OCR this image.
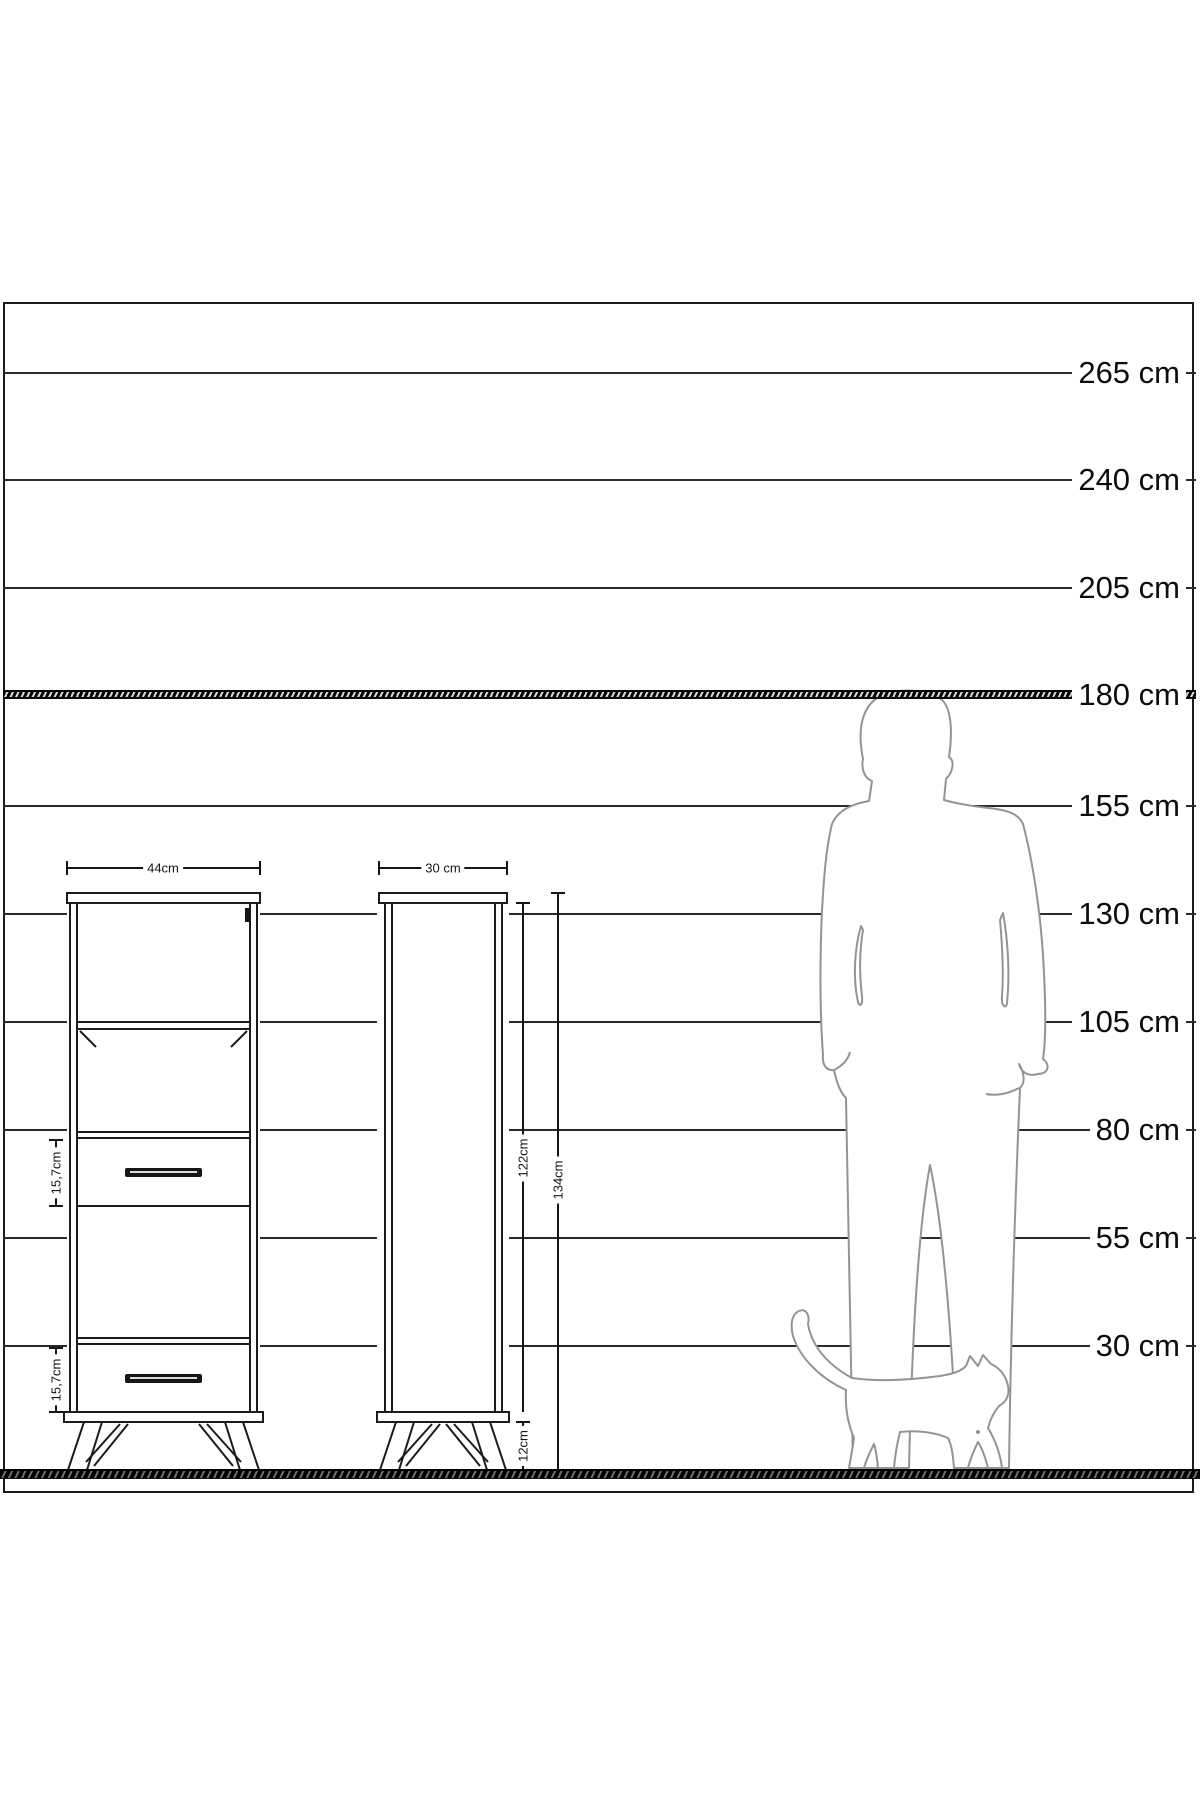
265 cm
240 cm
205 cm
180 cm
155 cm
130 cm
105 cm
80 cm
55 cm
30 cm
44cm	30 cm
15,7cm
15,7cm
122cm
134cm
12cm
